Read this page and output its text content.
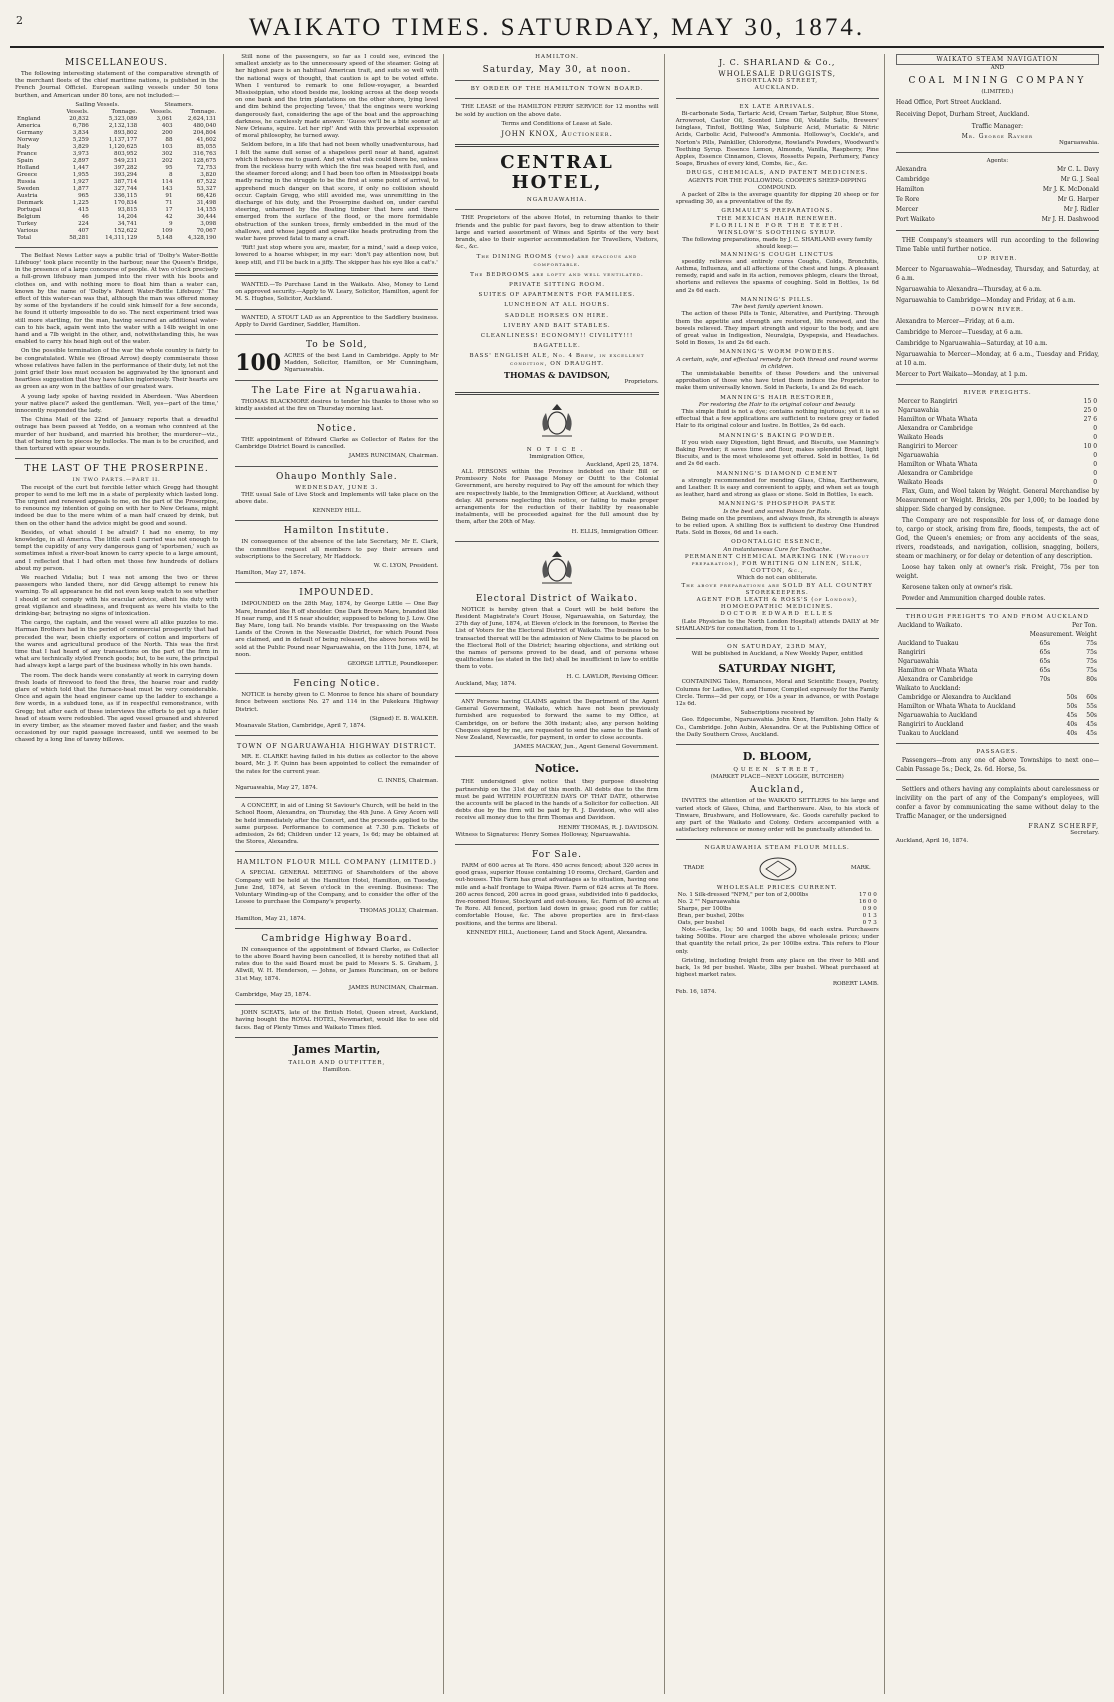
2	WAIKATO TIMES. SATURDAY, MAY 30, 1874.
MISCELLANEOUS.

The following interesting statement of the comparative strength of the merchant fleets of the chief maritime nations, is published in the French Journal Officiel. European sailing vessels under 50 tons burthen, and American under 80 tons, are not included:—

	Sailing Vessels.		Steamers.	
	Vessels.	Tonnage.	Vessels.	Tonnage.
England	20,832	5,323,089	3,061	2,624,131
America	6,786	2,132,138	403	480,040
Germany	3,834	893,802	200	204,804
Norway	5,259	1,137,177	88	41,602
Italy	3,829	1,120,625	103	85,055
France	3,973	803,952	302	316,763
Spain	2,897	549,231	202	128,675
Holland	1,447	397,282	95	72,753
Greece	1,955	393,294	8	3,820
Russia	1,927	387,714	114	67,522
Sweden	1,877	327,744	143	53,327
Austria	965	336,115	91	66,426
Denmark	1,225	170,834	71	31,498
Portugal	415	93,815	17	14,155
Belgium	46	14,204	42	30,444
Turkey	224	34,741	9	3,098
Various	407	152,622	109	70,067
Total	58,281	14,311,129	5,148	4,328,190

The Belfast News Letter says a public trial of 'Dolby's Water-Bottle Lifebuoy' took place recently in the harbour, near the Queen's Bridge, in the presence of a large concourse of people. At two o'clock precisely a full-grown lifebuoy man jumped into the river with his boots and clothes on, and with nothing more to float him than a water can, known by the name of 'Dolby's Patent Water-Bottle Lifebuoy.' The effect of this water-can was that, although the man was offered money by some of the bystanders if he could sink himself for a few seconds, he found it utterly impossible to do so. The next experiment tried was still more startling, for the man, having secured an additional water-can to his back, again went into the water with a 14lb weight in one hand and a 7lb weight in the other, and, notwithstanding this, he was enabled to carry his head high out of the water.

On the possible termination of the war the whole country is fairly to be congratulated. While we (Broad Arrow) deeply commiserate those whose relatives have fallen in the performance of their duty, let not the joint grief their loss must occasion be aggravated by the ignorant and heartless suggestion that they have fallen ingloriously. Their hearts are as green as any won in the battles of our greatest wars.

A young lady spoke of having resided in Aberdeen. 'Was Aberdeen your native place?' asked the gentleman. 'Well, yes—part of the time,' innocently responded the lady.

The China Mail of the 22nd of January reports that a dreadful outrage has been passed at Yeddo, on a woman who connived at the murder of her husband, and married his brother, the murderer—viz., that of being torn to pieces by bullocks. The man is to be crucified, and then tortured with spear wounds.

THE LAST OF THE PROSERPINE.
IN TWO PARTS.—PART II.

The receipt of the curt but forcible letter which Gregg had thought proper to send to me left me in a state of perplexity which lasted long. The urgent and renewed appeals to me, on the part of the Proserpine, to renounce my intention of going on with her to New Orleans, might indeed be due to the mere whim of a man half crazed by drink, but then on the other hand the advice might be good and sound.

Besides, of what should I be afraid? I had no enemy, to my knowledge, in all America. The little cash I carried was not enough to tempt the cupidity of any very dangerous gang of 'sportsmen,' such as sometimes infest a river-boat known to carry specie to a large amount, and I reflected that I had often met those few hundreds of dollars about my person.

We reached Vidalia; but I was not among the two or three passengers who landed there, nor did Gregg attempt to renew his warning. To all appearance he did not even keep watch to see whether I should or not comply with his oracular advice, albeit his duty with great vigilance and steadiness, and frequent as were his visits to the drinking-bar, betraying no signs of intoxication.

The cargo, the captain, and the vessel were all alike puzzles to me. Harman Brothers had in the period of commercial prosperity that had preceded the war, been chiefly exporters of cotton and importers of the wares and agricultural produce of the North. This was the first time that I had heard of any transactions on the part of the firm in what are technically styled French goods; but, to be sure, the principal had always kept a large part of the business wholly in his own hands.

The room. The deck hands were constantly at work in carrying down fresh loads of firewood to feed the fires, the hoarse roar and ruddy glare of which told that the furnace-heat must be very considerable. Once and again the head engineer came up the ladder to exchange a few words, in a subdued tone, as if in respectful remonstrance, with Gregg; but after each of these interviews the efforts to get up a fuller head of steam were redoubled. The aged vessel groaned and shivered in every timber, as the steamer moved faster and faster, and the wash occasioned by our rapid passage increased, until we seemed to be chased by a long line of tawny billows.

Still none of the passengers, so far as I could see, evinced the smallest anxiety as to the unnecessary speed of the steamer. Going at her highest pace is an habitual American trait, and suits so well with the national ways of thought, that caution is apt to be voted effete. When I ventured to remark to one fellow-voyager, a bearded Mississippian, who stood beside me, looking across at the deep woods on one bank and the trim plantations on the other shore, lying level and dim behind the projecting 'levee,' that the engines were working dangerously fast, considering the age of the boat and the approaching darkness, he carelessly made answer: 'Guess we'll be a bite sooner at New Orleans, squire. Let her rip!' And with this proverbial expression of moral philosophy, he turned away.

Seldom before, in a life that had not been wholly unadventurous, had I felt the same dull sense of a shapeless peril near at hand, against which it behoves me to guard. And yet what risk could there be, unless from the reckless hurry with which the fire was heaped with fuel, and the steamer forced along; and I had been too often in Mississippi boats madly racing in the struggle to be the first at some point of arrival, to apprehend much danger on that score, if only no collision should occur. Captain Gregg, who still avoided me, was unremitting in the discharge of his duty, and the Proserpine dashed on, under careful steering, unharmed by the floating timber that here and there emerged from the surface of the flood, or the more formidable obstruction of the sunken trees, firmly embedded in the mud of the shallows, and whose jagged and spear-like heads protruding from the water have proved fatal to many a craft.

'Rift! just stop where you are, master, for a mind,' said a deep voice, lowered to a hoarse whisper, in my ear: 'don't pay attention now, but keep still, and I'll be back in a jiffy. The skipper has his eye like a cat's.'

WANTED.—To Purchase Land in the Waikato. Also, Money to Lend on approved security.—Apply to W. Leary, Solicitor, Hamilton, agent for M. S. Hughes, Solicitor, Auckland.

WANTED, A STOUT LAD as an Apprentice to the Saddlery business. Apply to David Gardiner, Saddler, Hamilton.

To be Sold,
100 ACRES of the best Land in Cambridge. Apply to Mr Madden, Solicitor, Hamilton, or Mr Cunningham, Ngaruawahia.
The Late Fire at Ngaruawahia.

THOMAS BLACKMORE desires to tender his thanks to those who so kindly assisted at the fire on Thursday morning last.

Notice.

THE appointment of Edward Clarke as Collector of Rates for the Cambridge District Board is cancelled.

JAMES RUNCIMAN, Chairman.
Ohaupo Monthly Sale.
WEDNESDAY, JUNE 3.

THE usual Sale of Live Stock and Implements will take place on the above date.

KENNEDY HILL.
Hamilton Institute.

IN consequence of the absence of the late Secretary, Mr E. Clark, the committee request all members to pay their arrears and subscriptions to the Secretary, Mr Haddock.

W. C. LYON, President.
Hamilton, May 27, 1874.
IMPOUNDED.

IMPOUNDED on the 28th May, 1874, by George Little — One Bay Mare, branded like R off shoulder. One Dark Brown Mare, branded like H near rump, and H S near shoulder, supposed to belong to J. Low. One Bay Mare, long tail. No brands visible. For trespassing on the Waste Lands of the Crown in the Newcastle District, for which Pound Fees are claimed, and in default of being released, the above horses will be sold at the Public Pound near Ngaruawahia, on the 11th June, 1874, at noon.

GEORGE LITTLE, Poundkeeper.
Fencing Notice.

NOTICE is hereby given to C. Monroe to fence his share of boundary fence between sections No. 27 and 114 in the Pukekura Highway District.

(Signed) E. B. WALKER.
Moanavale Station, Cambridge, April 7, 1874.
TOWN OF NGARUAWAHIA HIGHWAY DISTRICT.

MR. E. CLARKE having failed in his duties as collector to the above board, Mr. J. F. Quinn has been appointed to collect the remainder of the rates for the current year.

C. INNES, Chairman.
Ngaruawahia, May 27, 1874.

A CONCERT, in aid of Lining St Saviour's Church, will be held in the School Room, Alexandra, on Thursday, the 4th June. A Grey Acorn will be held immediately after the Concert, and the proceeds applied to the same purpose. Performance to commence at 7.30 p.m. Tickets of admission, 2s 6d; Children under 12 years, 1s 6d; may be obtained at the Stores, Alexandra.

HAMILTON FLOUR MILL COMPANY (LIMITED.)

A SPECIAL GENERAL MEETING of Shareholders of the above Company will be held at the Hamilton Hotel, Hamilton, on Tuesday, June 2nd, 1874, at Seven o'clock in the evening. Business: The Voluntary Winding-up of the Company, and to consider the offer of the Lessee to purchase the Company's property.

THOMAS JOLLY, Chairman.
Hamilton, May 21, 1874.
Cambridge Highway Board.

IN consequence of the appointment of Edward Clarke, as Collector to the above Board having been cancelled, it is hereby notified that all rates due to the said Board must be paid to Messrs S. S. Graham, J. Allwill, W. H. Henderson, — Johns, or James Runciman, on or before 31st May, 1874.

JAMES RUNCIMAN, Chairman.
Cambridge, May 25, 1874.

JOHN SCEATS, late of the British Hotel, Queen street, Auckland, having bought the ROYAL HOTEL, Newmarket, would like to see old faces. Bag of Plenty Times and Waikato Times filed.

James Martin,
TAILOR AND OUTFITTER,
Hamilton.
HAMILTON.
Saturday, May 30, at noon.
BY ORDER OF THE HAMILTON TOWN BOARD.

THE LEASE of the HAMILTON FERRY SERVICE for 12 months will be sold by auction on the above date.

Terms and Conditions of Lease at Sale.
JOHN KNOX, Auctioneer.
CENTRAL HOTEL,
NGARUAWAHIA.

THE Proprietors of the above Hotel, in returning thanks to their friends and the public for past favors, beg to draw attention to their large and varied assortment of Wines and Spirits of the very best brands, also to their superior accommodation for Travellers, Visitors, &c., &c.

The DINING ROOMS (two) are spacious and comfortable.
The BEDROOMS are lofty and well ventilated.
PRIVATE SITTING ROOM.
SUITES OF APARTMENTS FOR FAMILIES.
LUNCHEON AT ALL HOURS.
SADDLE HORSES ON HIRE.
LIVERY AND BAIT STABLES.
CLEANLINESS! ECONOMY!! CIVILITY!!!
BAGATELLE.
BASS' ENGLISH ALE, No. 4 Brew, in excellent condition, ON DRAUGHT.
THOMAS & DAVIDSON,
Proprietors.
NOTICE.
Immigration Office,
Auckland, April 25, 1874.

ALL PERSONS within the Province indebted on their Bill or Promissory Note for Passage Money or Outfit to the Colonial Government, are hereby required to Pay off the amount for which they are respectively liable, to the Immigration Officer, at Auckland, without delay. All persons neglecting this notice, or failing to make proper arrangements for the reduction of their liability by reasonable instalments, will be proceeded against for the full amount due by them, after the 20th of May.

H. ELLIS, Immigration Officer.
Electoral District of Waikato.

NOTICE is hereby given that a Court will be held before the Resident Magistrate's Court House, Ngaruawahia, on Saturday, the 27th day of June, 1874, at Eleven o'clock in the forenoon, to Revise the List of Voters for the Electoral District of Waikato. The business to be transacted thereat will be the admission of New Claims to be placed on the Electoral Roll of the District; hearing objections, and striking out the names of persons proved to be dead, and of persons whose qualifications (as stated in the list) shall be insufficient in law to entitle them to vote.

H. C. LAWLOR, Revising Officer.
Auckland, May, 1874.

ANY Persons having CLAIMS against the Department of the Agent General Government, Waikato, which have not been previously furnished are requested to forward the same to my Office, at Cambridge, on or before the 30th instant; also, any person holding Cheques signed by me, are requested to send the same to the Bank of New Zealand, Newcastle, for payment, in order to close accounts.

JAMES MACKAY, Jun., Agent General Government.
Notice.

THE undersigned give notice that they purpose dissolving partnership on the 31st day of this month. All debts due to the firm must be paid WITHIN FOURTEEN DAYS OF THAT DATE, otherwise the accounts will be placed in the hands of a Solicitor for collection. All debts due by the firm will be paid by R. J. Davidson, who will also receive all money due to the firm Thomas and Davidson.

HENRY THOMAS, R. J. DAVIDSON.
Witness to Signatures: Henry Somes Holloway, Ngaruawahia.
For Sale.

FARM of 600 acres at Te Rore. 450 acres fenced; about 320 acres in good grass, superior House containing 10 rooms, Orchard, Garden and out-houses. This Farm has great advantages as to situation, having one mile and a-half frontage to Waipa River. Farm of 624 acres at Te Rore. 260 acres fenced, 200 acres in good grass, subdivided into 6 paddocks, five-roomed House, Stockyard and out-houses, &c. Farm of 80 acres at Te Rore. All fenced, portion laid down in grass; good run for cattle; comfortable House, &c. The above properties are in first-class positions, and the terms are liberal.

KENNEDY HILL, Auctioneer, Land and Stock Agent, Alexandra.
J. C. SHARLAND & Co.,
WHOLESALE DRUGGISTS,
SHORTLAND STREET,
AUCKLAND.
EX LATE ARRIVALS.

Bi-carbonate Soda, Tartaric Acid, Cream Tartar, Sulphur, Blue Stone, Arrowroot, Castor Oil, Scented Lime Oil, Volatile Salts, Brewers' Isinglass, Tinfoil, Bottling Wax, Sulphuric Acid, Muriatic & Nitric Acids, Carbolic Acid, Fulwood's Ammonia. Holloway's, Cockle's, and Norton's Pills, Painkiller, Chlorodyne, Rowland's Powders, Woodward's Teething Syrup. Essence Lemon, Almonds, Vanilla, Raspberry, Pine Apples, Essence Cinnamon, Cloves, Rossetts Pepsin, Perfumery, Fancy Soaps, Brushes of every kind, Combs, &c., &c.

DRUGS, CHEMICALS, AND PATENT MEDICINES.
AGENTS FOR THE FOLLOWING: COOPER'S SHEEP-DIPPING COMPOUND.

A packet of 2lbs is the average quantity for dipping 20 sheep or for spreading 30, as a preventative of the fly.

GRIMAULT'S PREPARATIONS.
THE MEXICAN HAIR RENEWER.
FLORILINE FOR THE TEETH.
WINSLOW'S SOOTHING SYRUP.
The following preparations, made by J. C. SHARLAND every family should keep:—
MANNING'S COUGH LINCTUS

speedily relieves and entirely cures Coughs, Colds, Bronchitis, Asthma, Influenza, and all affections of the chest and lungs. A pleasant remedy, rapid and safe in its action, removes phlegm, clears the throat, shortens and relieves the spasms of coughing. Sold in Bottles, 1s 6d and 2s 6d each.

MANNING'S PILLS.
The best family aperient known.

The action of these Pills is Tonic, Alterative, and Purifying. Through them the appetite and strength are restored, life renewed, and the bowels relieved. They impart strength and vigour to the body, and are of great value in Indigestion, Neuralgia, Dyspepsia, and Headaches. Sold in Boxes, 1s and 2s 6d each.

MANNING'S WORM POWDERS.
A certain, safe, and effectual remedy for both thread and round worms in children.

The unmistakable benefits of these Powders and the universal approbation of those who have tried them induce the Proprietor to make them universally known. Sold in Packets, 1s and 2s 6d each.

MANNING'S HAIR RESTORER,
For restoring the Hair to its original colour and beauty.

This simple fluid is not a dye; contains nothing injurious; yet it is so effectual that a few applications are sufficient to restore grey or faded Hair to its original colour and lustre. In Bottles, 2s 6d each.

MANNING'S BAKING POWDER.

If you wish easy Digestion, light Bread, and Biscuits, use Manning's Baking Powder; it saves time and flour, makes splendid Bread, light Biscuits, and is the most wholesome yet offered. Sold in bottles, 1s 6d and 2s 6d each.

MANNING'S DIAMOND CEMENT

a strongly recommended for mending Glass, China, Earthenware, and Leather. It is easy and convenient to apply, and when set as tough as leather, hard and strong as glass or stone. Sold in Bottles, 1s each.

MANNING'S PHOSPHOR PASTE
Is the best and surest Poison for Rats.

Being made on the premises, and always fresh, its strength is always to be relied upon. A shilling Box is sufficient to destroy One Hundred Rats. Sold in Boxes, 6d and 1s each.

ODONTALGIC ESSENCE,
An instantaneous Cure for Toothache.
PERMANENT CHEMICAL MARKING INK (Without preparation), FOR WRITING ON LINEN, SILK, COTTON, &c.,
Which do not can obliterate.
The above preparations are SOLD BY ALL COUNTRY STOREKEEPERS.
AGENT FOR LEATH & ROSS'S (of London), HOMOEOPATHIC MEDICINES.
DOCTOR EDWARD ELLES

(Late Physician to the North London Hospital) attends DAILY at Mr SHARLAND'S for consultation, from 11 to 1.

ON SATURDAY, 23RD MAY,
Will be published in Auckland, a New Weekly Paper, entitled
SATURDAY NIGHT,

CONTAINING Tales, Romances, Moral and Scientific Essays, Poetry, Columns for Ladies, Wit and Humor, Compiled expressly for the Family Circle. Terms—3d per copy, or 10s a year in advance, or with Postage 12s 6d.

Subscriptions received by

Geo. Edgecumbe, Ngaruawahia. John Knox, Hamilton. John Hally & Co., Cambridge. John Aubin, Alexandra. Or at the Publishing Office of the Daily Southern Cross, Auckland.

D. BLOOM,
QUEEN STREET,
(MARKET PLACE—NEXT LOGGIE, BUTCHER)
Auckland,

INVITES the attention of the WAIKATO SETTLERS to his large and varied stock of Glass, China, and Earthenware. Also, to his stock of Tinware, Brushware, and Hollowware, &c. Goods carefully packed to any part of the Waikato and Colony. Orders accompanied with a satisfactory reference or money order will be punctually attended to.

NGARUAWAHIA STEAM FLOUR MILLS.
TRADE	MARK.
WHOLESALE PRICES CURRENT.
No. 1 Silk-dressed "NFM," per ton of 2,000lbs	17 0 0
No. 2 "" Ngaruawahia	16 0 0
Sharps, per 100lbs	0 9 0
Bran, per bushel, 20lbs	0 1 3
Oats, per bushel	0 7 3

Note.—Sacks, 1s; 50 and 100lb bags, 6d each extra. Purchasers taking 500lbs. Flour are charged the above wholesale prices; under that quantity the retail price, 2s per 100lbs extra. This refers to Flour only.

Gristing, including freight from any place on the river to Mill and back, 1s 9d per bushel. Waste, 3lbs per bushel. Wheat purchased at highest market rates.

ROBERT LAMB.
Feb. 16, 1874.
WAIKATO STEAM NAVIGATION
AND
COAL MINING COMPANY
(LIMITED.)
Head Office, Port Street Auckland.
Receiving Depot, Durham Street, Auckland.
Traffic Manager:
Mr. George Rayner
Ngaruawahia.
Agents:
Alexandra	Mr C. L. Davy
Cambridge	Mr G. J. Seal
Hamilton	Mr J. K. McDonald
Te Rore	Mr G. Harper
Mercer	Mr J. Ridler
Port Waikato	Mr J. H. Dashwood

THE Company's steamers will run according to the following Time Table until further notice.

UP RIVER.
Mercer to Ngaruawahia—Wednesday, Thursday, and Saturday, at 6 a.m.
Ngaruawahia to Alexandra—Thursday, at 6 a.m.
Ngaruawahia to Cambridge—Monday and Friday, at 6 a.m.
DOWN RIVER.
Alexandra to Mercer—Friday, at 6 a.m.
Cambridge to Mercer—Tuesday, at 6 a.m.
Cambridge to Ngaruawahia—Saturday, at 10 a.m.
Ngaruawahia to Mercer—Monday, at 6 a.m., Tuesday and Friday, at 10 a.m.
Mercer to Port Waikato—Monday, at 1 p.m.
RIVER FREIGHTS.
Mercer to Rangiriri	15 0
Ngaruawahia	25 0
Hamilton or Whata Whata	27 6
Alexandra or Cambridge	0
Waikato Heads	0
Rangiriri to Mercer	10 0
Ngaruawahia	0
Hamilton or Whata Whata	0
Alexandra or Cambridge	0
Waikato Heads	0

Flax, Gum, and Wool taken by Weight. General Merchandise by Measurement or Weight. Bricks, 20s per 1,000; to be loaded by shipper. Side charged by consignee.

The Company are not responsible for loss of, or damage done to, cargo or stock, arising from fire, floods, tempests, the act of God, the Queen's enemies; or from any accidents of the seas, rivers, roadsteads, and navigation, collision, snagging, boilers, steam or machinery, or for delay or detention of any description.

Loose hay taken only at owner's risk. Freight, 75s per ton weight.

Kerosene taken only at owner's risk.

Powder and Ammunition charged double rates.

THROUGH FREIGHTS TO AND FROM AUCKLAND
Auckland to Waikato.	Per Ton.	
	Measurement. Weight	
Auckland to Tuakau	65s	75s
Rangiriri	65s	75s
Ngaruawahia	65s	75s
Hamilton or Whata Whata	65s	75s
Alexandra or Cambridge	70s	80s
Waikato to Auckland:
Cambridge or Alexandra to Auckland	50s	60s
Hamilton or Whata Whata to Auckland	50s	55s
Ngaruawahia to Auckland	45s	50s
Rangiriri to Auckland	40s	45s
Tuakau to Auckland	40s	45s
PASSAGES.

Passengers—from any one of above Townships to next one—Cabin Passage 5s.; Deck, 2s. 6d. Horse, 5s.

Settlers and others having any complaints about carelessness or incivility on the part of any of the Company's employees, will confer a favor by communicating the same without delay to the Traffic Manager, or the undersigned

FRANZ SCHERFF,
Secretary.
Auckland, April 16, 1874.
